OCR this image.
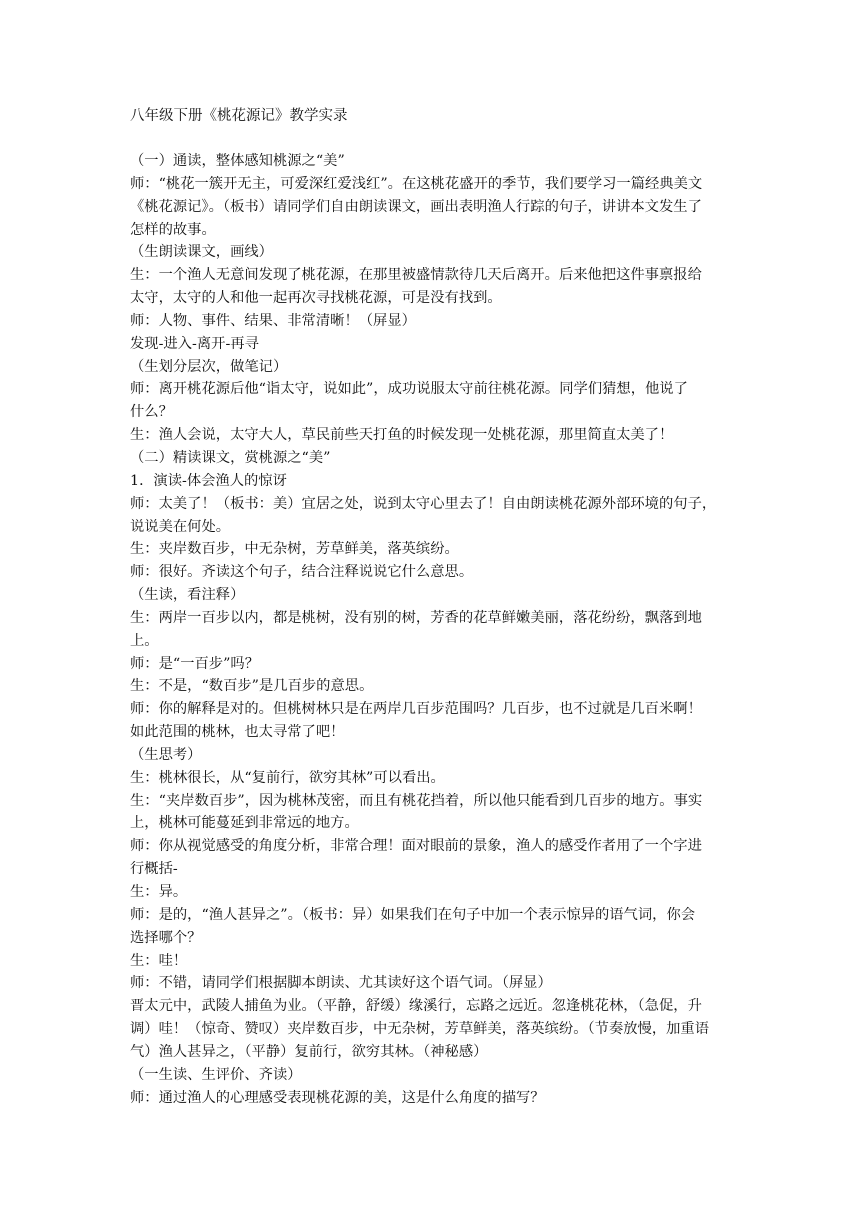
八年级下册《桃花源记》教学实录
（一）通读，整体感知桃源之“美”
师：“桃花一簇开无主，可爱深红爱浅红”。在这桃花盛开的季节，我们要学习一篇经典美文
《桃花源记》。（板书）请同学们自由朗读课文，画出表明渔人行踪的句子，讲讲本文发生了
怎样的故事。
（生朗读课文，画线）
生：一个渔人无意间发现了桃花源，在那里被盛情款待几天后离开。后来他把这件事禀报给
太守，太守的人和他一起再次寻找桃花源，可是没有找到。
师：人物、事件、结果、非常清晰！（屏显）
发现-进入-离开-再寻
（生划分层次，做笔记）
师：离开桃花源后他“诣太守，说如此”，成功说服太守前往桃花源。同学们猜想，他说了
什么？
生：渔人会说，太守大人，草民前些天打鱼的时候发现一处桃花源，那里简直太美了！
（二）精读课文，赏桃源之“美”
1．演读-体会渔人的惊讶
师：太美了！（板书：美）宜居之处，说到太守心里去了！自由朗读桃花源外部环境的句子，
说说美在何处。
生：夹岸数百步，中无杂树，芳草鲜美，落英缤纷。
师：很好。齐读这个句子，结合注释说说它什么意思。
（生读，看注释）
生：两岸一百步以内，都是桃树，没有别的树，芳香的花草鲜嫩美丽，落花纷纷，飘落到地
上。
师：是“一百步”吗？
生：不是，“数百步”是几百步的意思。
师：你的解释是对的。但桃树林只是在两岸几百步范围吗？几百步，也不过就是几百米啊！
如此范围的桃林，也太寻常了吧！
（生思考）
生：桃林很长，从“复前行，欲穷其林”可以看出。
生：“夹岸数百步”，因为桃林茂密，而且有桃花挡着，所以他只能看到几百步的地方。事实
上，桃林可能蔓延到非常远的地方。
师：你从视觉感受的角度分析，非常合理！面对眼前的景象，渔人的感受作者用了一个字进
行概括-
生：异。
师：是的，“渔人甚异之”。（板书：异）如果我们在句子中加一个表示惊异的语气词，你会
选择哪个？
生：哇！
师：不错，请同学们根据脚本朗读、尤其读好这个语气词。（屏显）
晋太元中，武陵人捕鱼为业。（平静，舒缓）缘溪行，忘路之远近。忽逢桃花林，（急促，升
调）哇！（惊奇、赞叹）夹岸数百步，中无杂树，芳草鲜美，落英缤纷。（节奏放慢，加重语
气）渔人甚异之，（平静）复前行，欲穷其林。（神秘感）
（一生读、生评价、齐读）
师：通过渔人的心理感受表现桃花源的美，这是什么角度的描写？
